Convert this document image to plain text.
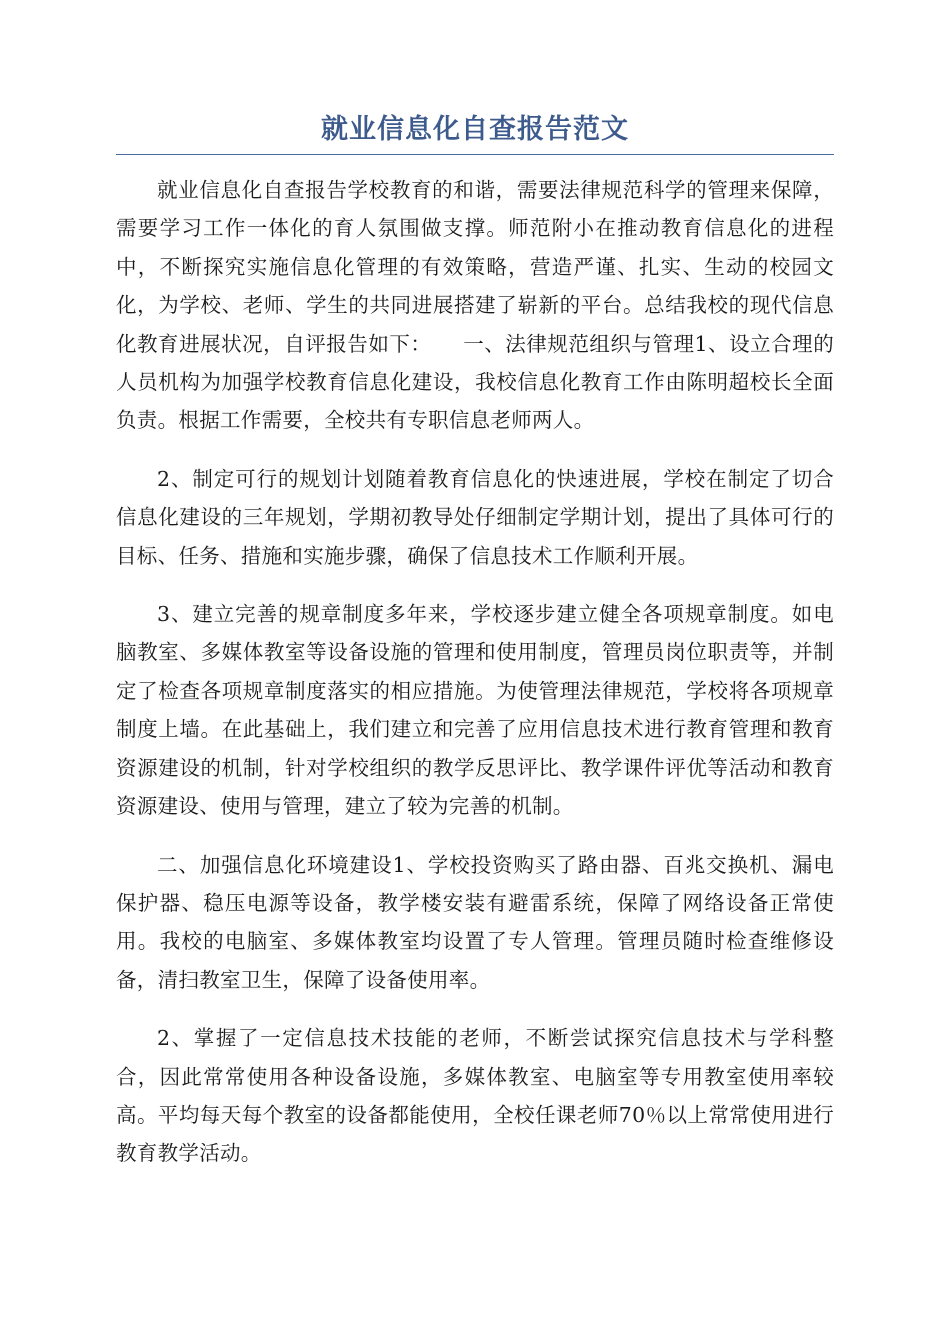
就业信息化自查报告范文

就业信息化自查报告学校教育的和谐，需要法律规范科学的管理来保障，需要学习工作一体化的育人氛围做支撑。师范附小在推动教育信息化的进程中，不断探究实施信息化管理的有效策略，营造严谨、扎实、生动的校园文化，为学校、老师、学生的共同进展搭建了崭新的平台。总结我校的现代信息化教育进展状况，自评报告如下：　　一、法律规范组织与管理1、设立合理的人员机构为加强学校教育信息化建设，我校信息化教育工作由陈明超校长全面负责。根据工作需要，全校共有专职信息老师两人。

2、制定可行的规划计划随着教育信息化的快速进展，学校在制定了切合信息化建设的三年规划，学期初教导处仔细制定学期计划，提出了具体可行的目标、任务、措施和实施步骤，确保了信息技术工作顺利开展。

3、建立完善的规章制度多年来，学校逐步建立健全各项规章制度。如电脑教室、多媒体教室等设备设施的管理和使用制度，管理员岗位职责等，并制定了检查各项规章制度落实的相应措施。为使管理法律规范，学校将各项规章制度上墙。在此基础上，我们建立和完善了应用信息技术进行教育管理和教育资源建设的机制，针对学校组织的教学反思评比、教学课件评优等活动和教育资源建设、使用与管理，建立了较为完善的机制。

二、加强信息化环境建设1、学校投资购买了路由器、百兆交换机、漏电保护器、稳压电源等设备，教学楼安装有避雷系统，保障了网络设备正常使用。我校的电脑室、多媒体教室均设置了专人管理。管理员随时检查维修设备，清扫教室卫生，保障了设备使用率。

2、掌握了一定信息技术技能的老师，不断尝试探究信息技术与学科整合，因此常常使用各种设备设施，多媒体教室、电脑室等专用教室使用率较高。平均每天每个教室的设备都能使用，全校任课老师70％以上常常使用进行教育教学活动。
